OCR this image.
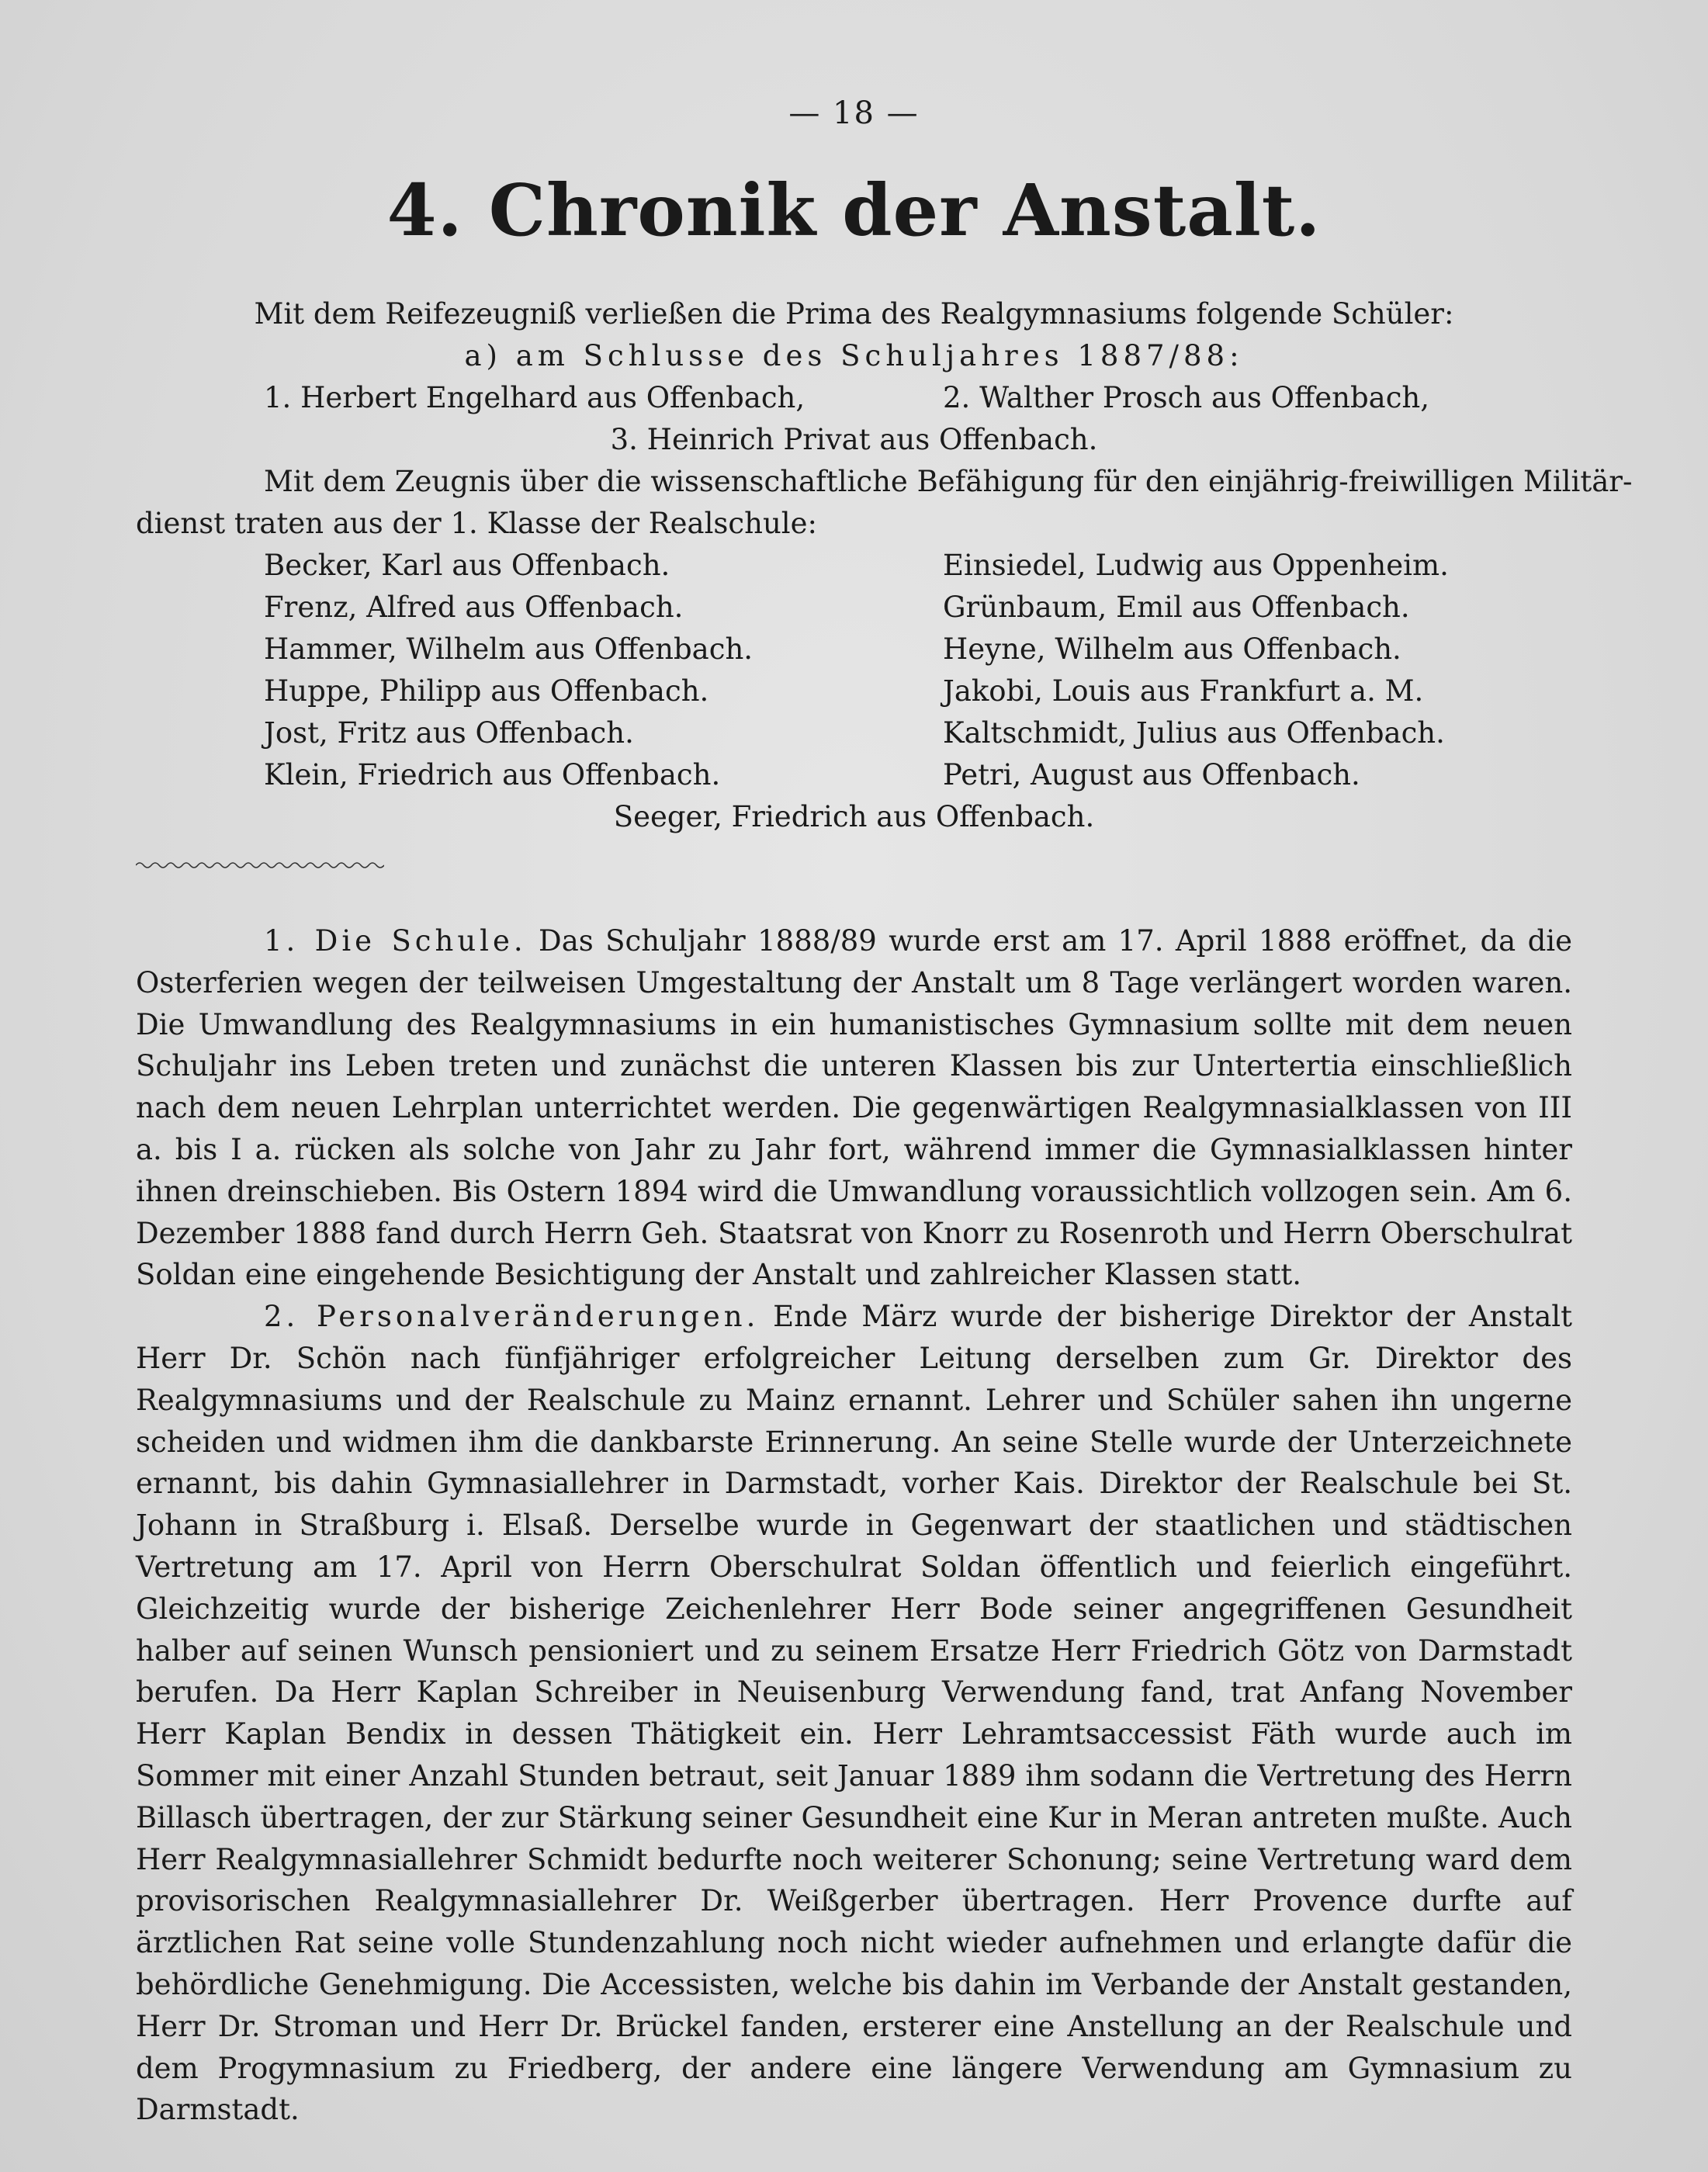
— 18 —
4. Chronik der Anstalt.
Mit dem Reifezeugniß verließen die Prima des Realgymnasiums folgende Schüler:
a) am Schlusse des Schuljahres 1887/88:
1. Herbert Engelhard aus Offenbach,	2. Walther Prosch aus Offenbach,
3. Heinrich Privat aus Offenbach.
Mit dem Zeugnis über die wissenschaftliche Befähigung für den einjährig-freiwilligen Militär-
dienst traten aus der 1. Klasse der Realschule:
Becker, Karl aus Offenbach.	Einsiedel, Ludwig aus Oppenheim.
Frenz, Alfred aus Offenbach.	Grünbaum, Emil aus Offenbach.
Hammer, Wilhelm aus Offenbach.	Heyne, Wilhelm aus Offenbach.
Huppe, Philipp aus Offenbach.	Jakobi, Louis aus Frankfurt a. M.
Jost, Fritz aus Offenbach.	Kaltschmidt, Julius aus Offenbach.
Klein, Friedrich aus Offenbach.	Petri, August aus Offenbach.
Seeger, Friedrich aus Offenbach.

1. Die Schule. Das Schuljahr 1888/89 wurde erst am 17. April 1888 eröffnet, da die Osterferien wegen der teilweisen Umgestaltung der Anstalt um 8 Tage verlängert worden waren. Die Umwandlung des Realgymnasiums in ein humanistisches Gymnasium sollte mit dem neuen Schuljahr ins Leben treten und zunächst die unteren Klassen bis zur Untertertia einschließlich nach dem neuen Lehrplan unterrichtet werden. Die gegenwärtigen Realgymnasialklassen von III a. bis I a. rücken als solche von Jahr zu Jahr fort, während immer die Gymnasialklassen hinter ihnen dreinschieben. Bis Ostern 1894 wird die Umwandlung voraussichtlich vollzogen sein. Am 6. Dezember 1888 fand durch Herrn Geh. Staatsrat von Knorr zu Rosenroth und Herrn Oberschulrat Soldan eine eingehende Besichtigung der Anstalt und zahlreicher Klassen statt.

2. Personalveränderungen. Ende März wurde der bisherige Direktor der Anstalt Herr Dr. Schön nach fünfjähriger erfolgreicher Leitung derselben zum Gr. Direktor des Realgymnasiums und der Realschule zu Mainz ernannt. Lehrer und Schüler sahen ihn ungerne scheiden und widmen ihm die dankbarste Erinnerung. An seine Stelle wurde der Unterzeichnete ernannt, bis dahin Gymnasiallehrer in Darmstadt, vorher Kais. Direktor der Realschule bei St. Johann in Straßburg i. Elsaß. Derselbe wurde in Gegenwart der staatlichen und städtischen Vertretung am 17. April von Herrn Oberschulrat Soldan öffentlich und feierlich eingeführt. Gleichzeitig wurde der bisherige Zeichenlehrer Herr Bode seiner angegriffenen Gesundheit halber auf seinen Wunsch pensioniert und zu seinem Ersatze Herr Friedrich Götz von Darmstadt berufen. Da Herr Kaplan Schreiber in Neuisenburg Verwendung fand, trat Anfang November Herr Kaplan Bendix in dessen Thätigkeit ein. Herr Lehramtsaccessist Fäth wurde auch im Sommer mit einer Anzahl Stunden betraut, seit Januar 1889 ihm sodann die Vertretung des Herrn Billasch übertragen, der zur Stärkung seiner Gesundheit eine Kur in Meran antreten mußte. Auch Herr Realgymnasiallehrer Schmidt bedurfte noch weiterer Schonung; seine Vertretung ward dem provisorischen Realgymnasiallehrer Dr. Weißgerber übertragen. Herr Provence durfte auf ärztlichen Rat seine volle Stundenzahlung noch nicht wieder aufnehmen und erlangte dafür die behördliche Genehmigung. Die Accessisten, welche bis dahin im Verbande der Anstalt gestanden, Herr Dr. Stroman und Herr Dr. Brückel fanden, ersterer eine Anstellung an der Realschule und dem Progymnasium zu Friedberg, der andere eine längere Verwendung am Gymnasium zu Darmstadt.
